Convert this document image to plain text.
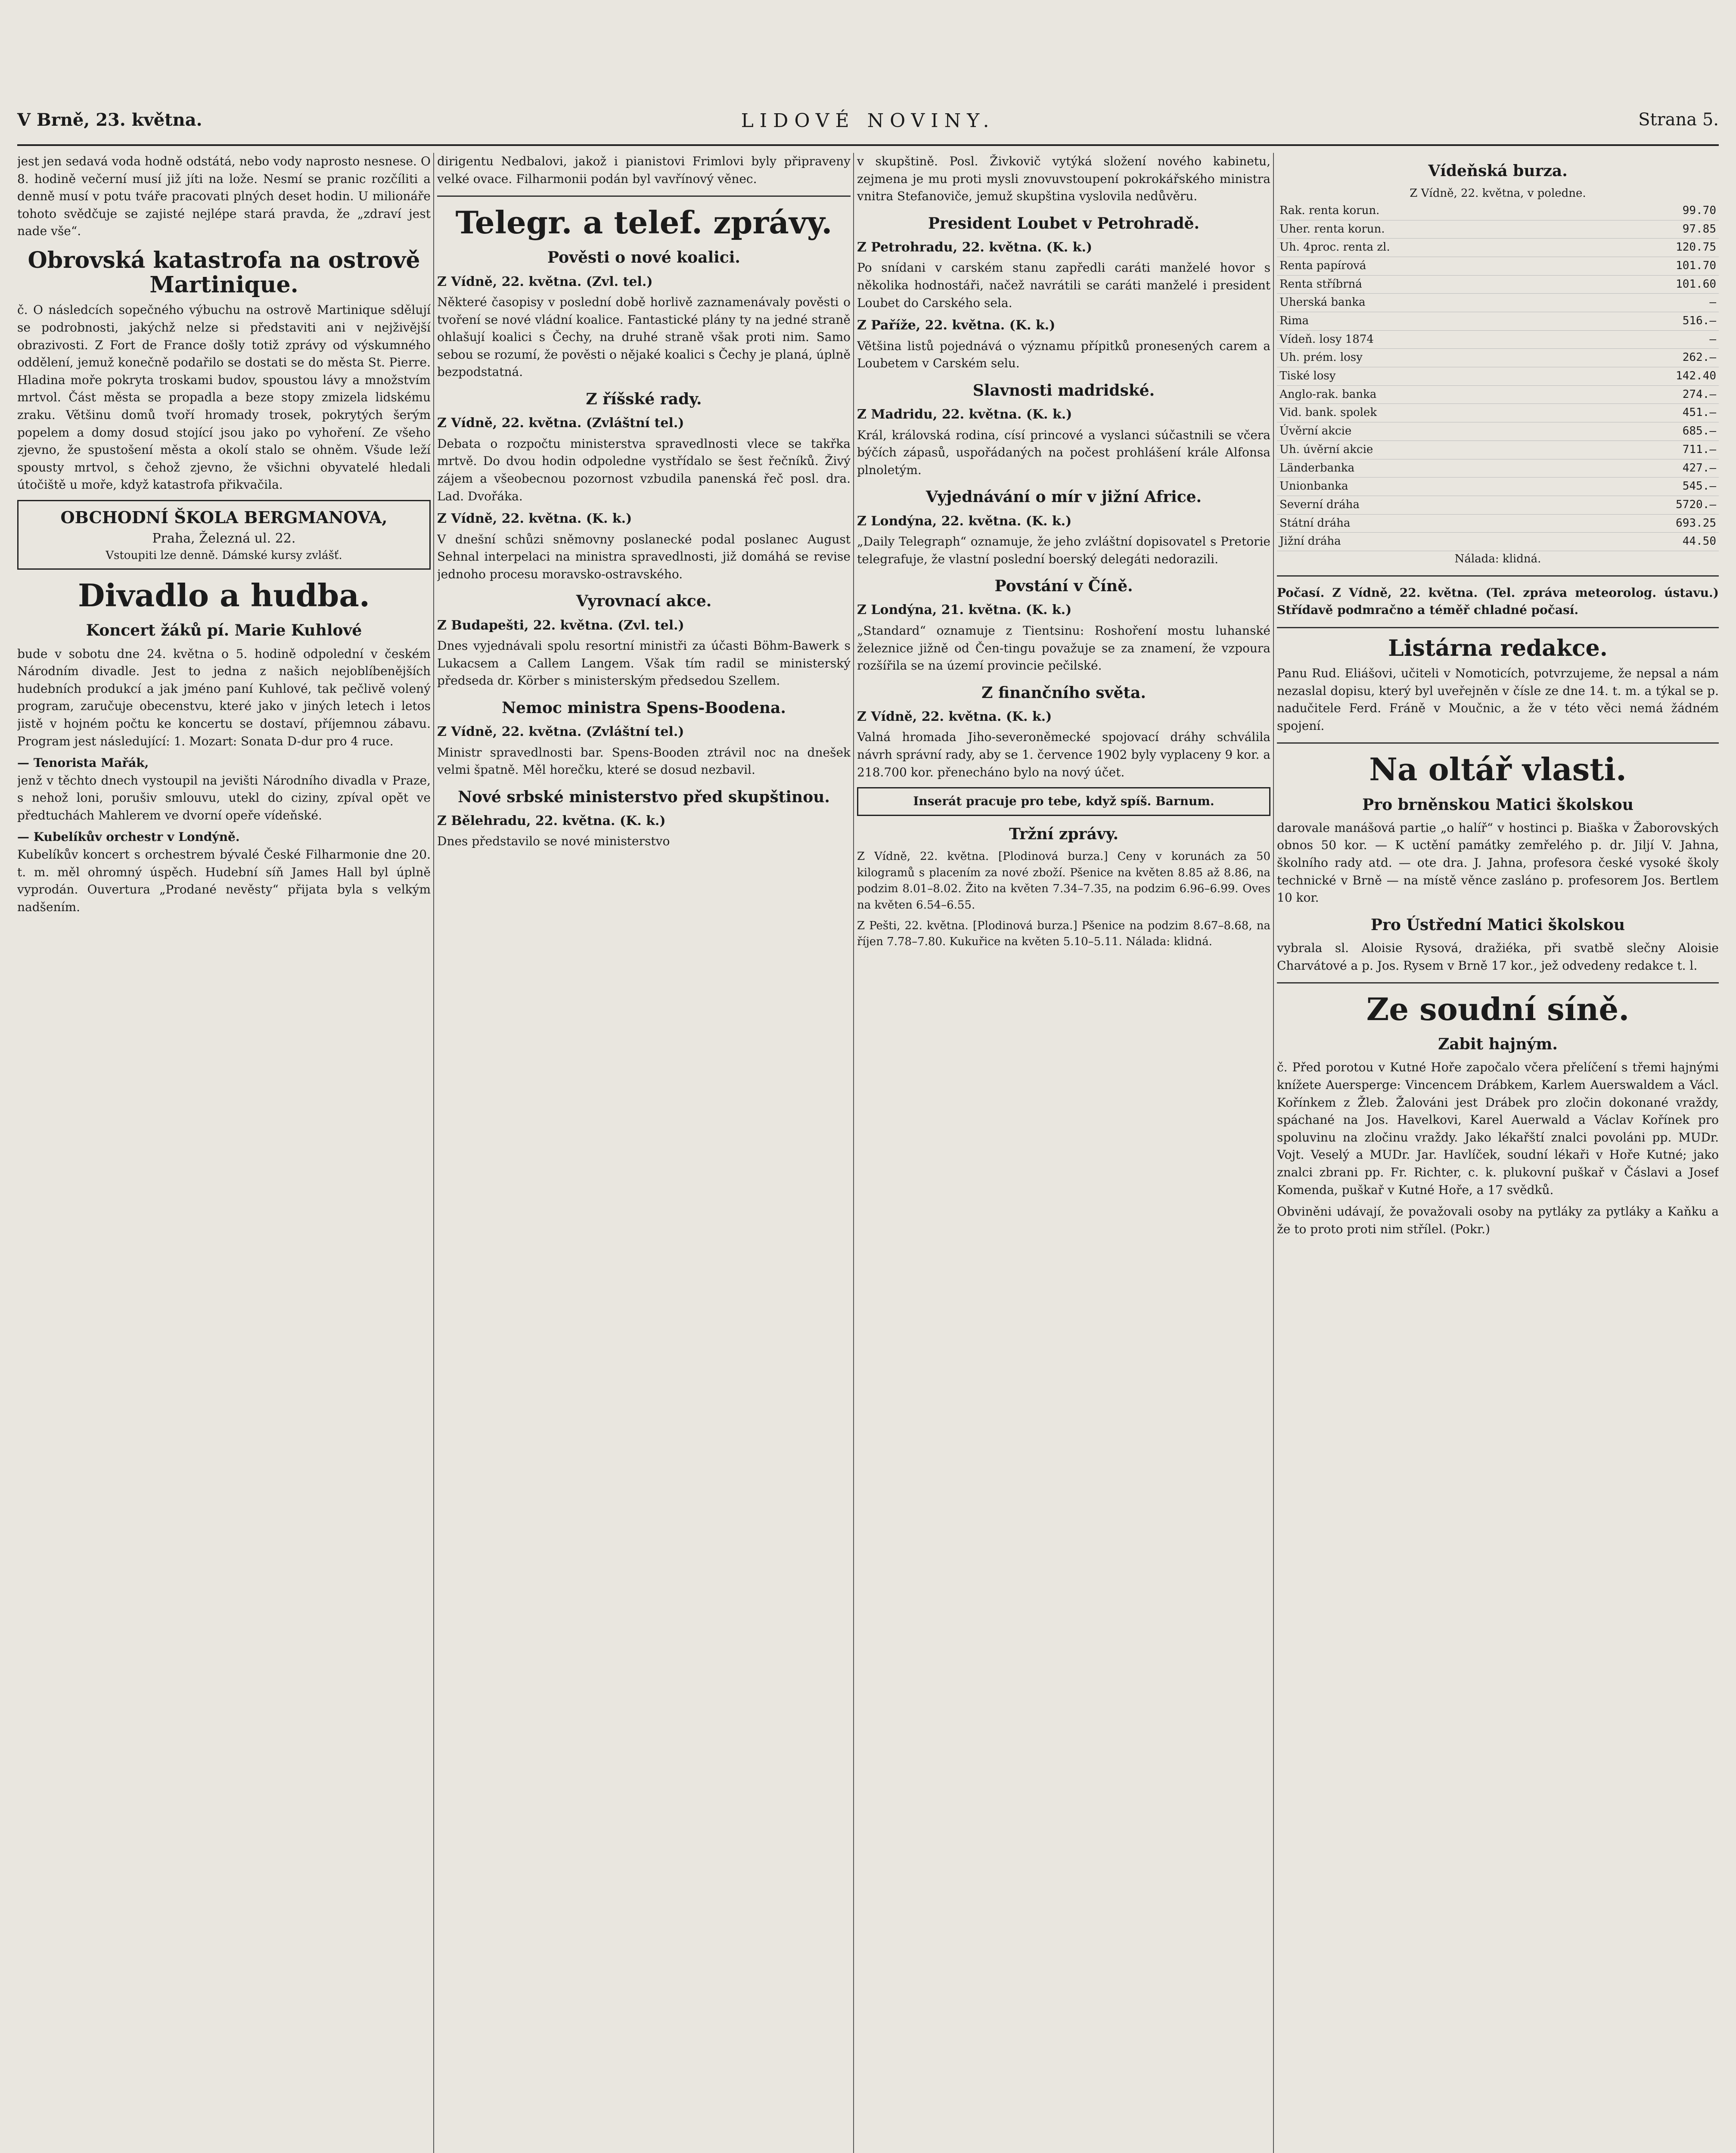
V Brně, 23. května.	LIDOVÉ NOVINY.	Strana 5.

jest jen sedavá voda hodně odstátá, nebo vody naprosto nesnese. O 8. hodině večerní musí již jíti na lože. Nesmí se pranic rozčíliti a denně musí v potu tváře pracovati plných deset hodin. U milionáře tohoto svědčuje se zajisté nejlépe stará pravda, že „zdraví jest nade vše“.

Obrovská katastrofa na ostrově Martinique.

č. O následcích sopečného výbuchu na ostrově Martinique sdělují se podrobnosti, jakýchž nelze si představiti ani v nejživější obrazivosti. Z Fort de France došly totiž zprávy od výskumného oddělení, jemuž konečně podařilo se dostati se do města St. Pierre. Hladina moře pokryta troskami budov, spoustou lávy a množstvím mrtvol. Část města se propadla a beze stopy zmizela lidskému zraku. Většinu domů tvoří hromady trosek, pokrytých šerým popelem a domy dosud stojící jsou jako po vyhoření. Ze všeho zjevno, že spustošení města a okolí stalo se ohněm. Všude leží spousty mrtvol, s čehož zjevno, že všichni obyvatelé hledali útočiště u moře, když katastrofa přikvačila.

OBCHODNÍ ŠKOLA BERGMANOVA,
Praha, Železná ul. 22.
Vstoupiti lze denně. Dámské kursy zvlášť.
Divadlo a hudba.
Koncert žáků pí. Marie Kuhlové

bude v sobotu dne 24. května o 5. hodině odpolední v českém Národním divadle. Jest to jedna z našich nejoblíbenějších hudebních produkcí a jak jméno paní Kuhlové, tak pečlivě volený program, zaručuje obecenstvu, které jako v jiných letech i letos jistě v hojném počtu ke koncertu se dostaví, příjemnou zábavu. Program jest následující: 1. Mozart: Sonata D-dur pro 4 ruce.

— Tenorista Mařák,

jenž v těchto dnech vystoupil na jevišti Národního divadla v Praze, s nehož loni, porušiv smlouvu, utekl do ciziny, zpíval opět ve předtuchách Mahlerem ve dvorní opeře vídeňské.

— Kubelíkův orchestr v Londýně.

Kubelíkův koncert s orchestrem bývalé České Filharmonie dne 20. t. m. měl ohromný úspěch. Hudební síň James Hall byl úplně vyprodán. Ouvertura „Prodané nevěsty“ přijata byla s velkým nadšením.

dirigentu Nedbalovi, jakož i pianistovi Frimlovi byly připraveny velké ovace. Filharmonii podán byl vavřínový věnec.

Telegr. a telef. zprávy.
Pověsti o nové koalici.
Z Vídně, 22. května. (Zvl. tel.)

Některé časopisy v poslední době horlivě zaznamenávaly pověsti o tvoření se nové vládní koalice. Fantastické plány ty na jedné straně ohlašují koalici s Čechy, na druhé straně však proti nim. Samo sebou se rozumí, že pověsti o nějaké koalici s Čechy je planá, úplně bezpodstatná.

Z říšské rady.
Z Vídně, 22. května. (Zvláštní tel.)

Debata o rozpočtu ministerstva spravedlnosti vlece se takřka mrtvě. Do dvou hodin odpoledne vystřídalo se šest řečníků. Živý zájem a všeobecnou pozornost vzbudila panenská řeč posl. dra. Lad. Dvořáka.

Z Vídně, 22. května. (K. k.)

V dnešní schůzi sněmovny poslanecké podal poslanec August Sehnal interpelaci na ministra spravedlnosti, již domáhá se revise jednoho procesu moravsko-ostravského.

Vyrovnací akce.
Z Budapešti, 22. května. (Zvl. tel.)

Dnes vyjednávali spolu resortní ministři za účasti Böhm-Bawerk s Lukacsem a Callem Langem. Však tím radil se ministerský předseda dr. Körber s ministerským předsedou Szellem.

Nemoc ministra Spens-Boodena.
Z Vídně, 22. května. (Zvláštní tel.)

Ministr spravedlnosti bar. Spens-Booden ztrávil noc na dnešek velmi špatně. Měl horečku, které se dosud nezbavil.

Nové srbské ministerstvo před skupštinou.
Z Bělehradu, 22. května. (K. k.)

Dnes představilo se nové ministerstvo

v skupštině. Posl. Živkovič vytýká složení nového kabinetu, zejmena je mu proti mysli znovuvstoupení pokrokářského ministra vnitra Stefanoviče, jemuž skupština vyslovila nedůvěru.

President Loubet v Petrohradě.
Z Petrohradu, 22. května. (K. k.)

Po snídani v carském stanu zapředli caráti manželé hovor s několika hodnostáři, načež navrátili se caráti manželé i president Loubet do Carského sela.

Z Paříže, 22. května. (K. k.)

Většina listů pojednává o významu přípitků pronesených carem a Loubetem v Carském selu.

Slavnosti madridské.
Z Madridu, 22. května. (K. k.)

Král, královská rodina, císí princové a vyslanci súčastnili se včera býčích zápasů, uspořádaných na počest prohlášení krále Alfonsa plnoletým.

Vyjednávání o mír v jižní Africe.
Z Londýna, 22. května. (K. k.)

„Daily Telegraph“ oznamuje, že jeho zvláštní dopisovatel s Pretorie telegrafuje, že vlastní poslední boerský delegáti nedorazili.

Povstání v Číně.
Z Londýna, 21. května. (K. k.)

„Standard“ oznamuje z Tientsinu: Roshoření mostu luhanské železnice jižně od Čen-tingu považuje se za znamení, že vzpoura rozšířila se na území provincie pečilské.

Z finančního světa.
Z Vídně, 22. května. (K. k.)

Valná hromada Jiho-severoněmecké spojovací dráhy schválila návrh správní rady, aby se 1. července 1902 byly vyplaceny 9 kor. a 218.700 kor. přenecháno bylo na nový účet.

Inserát pracuje pro tebe, když spíš. Barnum.
Tržní zprávy.

Z Vídně, 22. května. [Plodinová burza.] Ceny v korunách za 50 kilogramů s placením za nové zboží. Pšenice na květen 8.85 až 8.86, na podzim 8.01–8.02. Žito na květen 7.34–7.35, na podzim 6.96–6.99. Oves na květen 6.54–6.55.

Z Pešti, 22. května. [Plodinová burza.] Pšenice na podzim 8.67–8.68, na říjen 7.78–7.80. Kukuřice na květen 5.10–5.11. Nálada: klidná.

Vídeňská burza.
Z Vídně, 22. května, v poledne.
Rak. renta korun.	99.70
Uher. renta korun.	97.85
Uh. 4proc. renta zl.	120.75
Renta papírová	101.70
Renta stříbrná	101.60
Uherská banka	—
Rima	516.—
Vídeň. losy 1874	—
Uh. prém. losy	262.—
Tiské losy	142.40
Anglo-rak. banka	274.—
Vid. bank. spolek	451.—
Úvěrní akcie	685.—
Uh. úvěrní akcie	711.—
Länderbanka	427.—
Unionbanka	545.—
Severní dráha	5720.—
Státní dráha	693.25
Jižní dráha	44.50
Nálada: klidná.

Počasí. Z Vídně, 22. května. (Tel. zpráva meteorolog. ústavu.) Střídavě podmračno a téměř chladné počasí.

Listárna redakce.

Panu Rud. Eliášovi, učiteli v Nomoticích, potvrzujeme, že nepsal a nám nezaslal dopisu, který byl uveřejněn v čísle ze dne 14. t. m. a týkal se p. nadučitele Ferd. Fráně v Moučnic, a že v této věci nemá žádném spojení.

Na oltář vlasti.
Pro brněnskou Matici školskou

darovale manášová partie „o halíř“ v hostinci p. Biaška v Žaborovských obnos 50 kor. — K uctění památky zemřelého p. dr. Jiljí V. Jahna, školního rady atd. — ote dra. J. Jahna, profesora české vysoké školy technické v Brně — na místě věnce zasláno p. profesorem Jos. Bertlem 10 kor.

Pro Ústřední Matici školskou

vybrala sl. Aloisie Rysová, dražiéka, při svatbě slečny Aloisie Charvátové a p. Jos. Rysem v Brně 17 kor., jež odvedeny redakce t. l.

Ze soudní síně.
Zabit hajným.

č. Před porotou v Kutné Hoře započalo včera přelíčení s třemi hajnými knížete Auersperge: Vincencem Drábkem, Karlem Auerswaldem a Václ. Kořínkem z Žleb. Žalováni jest Drábek pro zločin dokonané vraždy, spáchané na Jos. Havelkovi, Karel Auerwald a Václav Kořínek pro spoluvinu na zločinu vraždy. Jako lékařští znalci povoláni pp. MUDr. Vojt. Veselý a MUDr. Jar. Havlíček, soudní lékaři v Hoře Kutné; jako znalci zbrani pp. Fr. Richter, c. k. plukovní puškař v Čáslavi a Josef Komenda, puškař v Kutné Hoře, a 17 svědků.

Obviněni udávají, že považovali osoby na pytláky za pytláky a Kaňku a že to proto proti nim střílel. (Pokr.)
